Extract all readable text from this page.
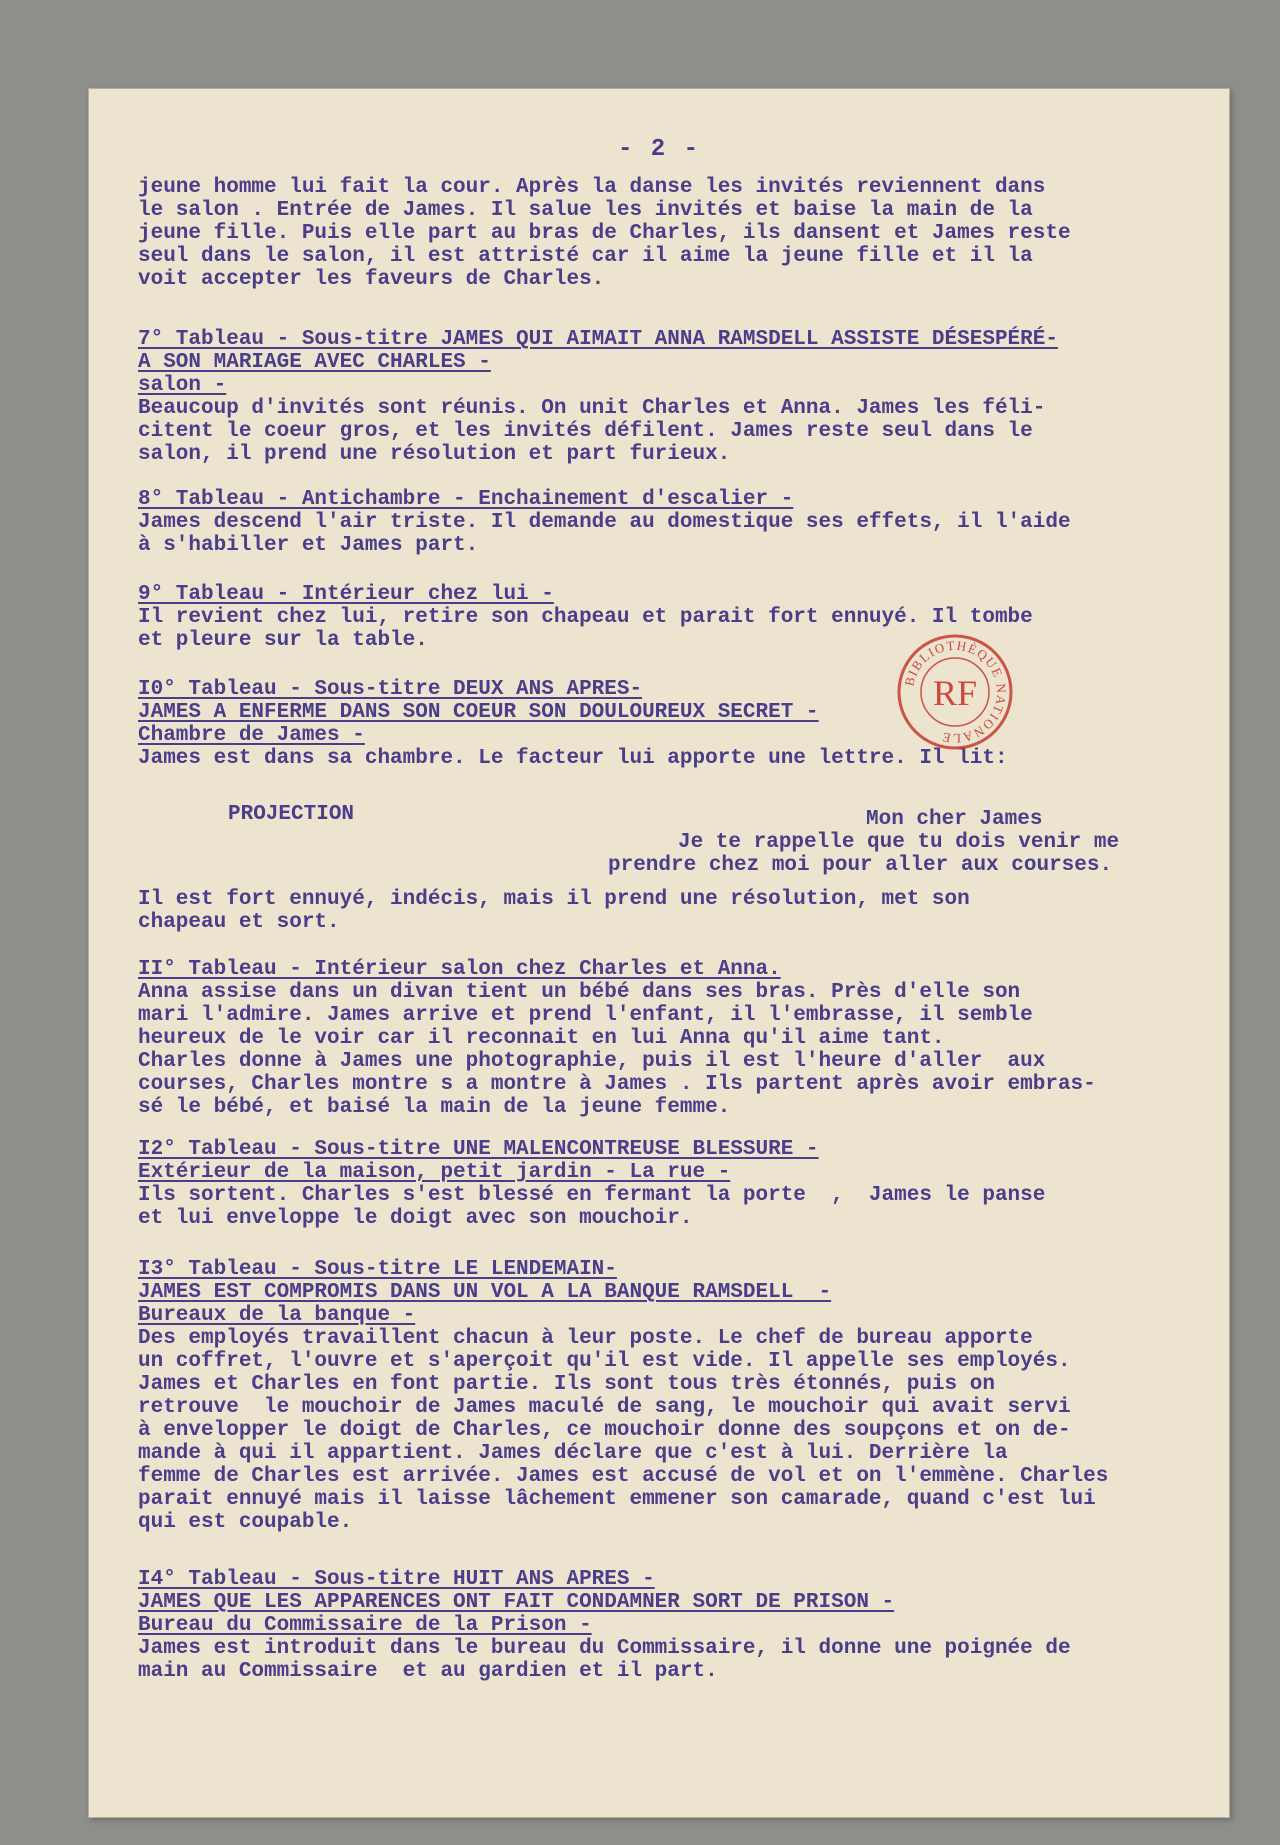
- 2 -
jeune homme lui fait la cour. Après la danse les invités reviennent dans
le salon . Entrée de James. Il salue les invités et baise la main de la
jeune fille. Puis elle part au bras de Charles, ils dansent et James reste
seul dans le salon, il est attristé car il aime la jeune fille et il la
voit accepter les faveurs de Charles.
7° Tableau - Sous-titre JAMES QUI AIMAIT ANNA RAMSDELL ASSISTE DÉSESPÉRÉ-
A SON MARIAGE AVEC CHARLES -
salon -
Beaucoup d'invités sont réunis. On unit Charles et Anna. James les féli-
citent le coeur gros, et les invités défilent. James reste seul dans le
salon, il prend une résolution et part furieux.
8° Tableau - Antichambre - Enchainement d'escalier -
James descend l'air triste. Il demande au domestique ses effets, il l'aide
à s'habiller et James part.
9° Tableau - Intérieur chez lui -
Il revient chez lui, retire son chapeau et parait fort ennuyé. Il tombe
et pleure sur la table.
I0° Tableau - Sous-titre DEUX ANS APRES-
JAMES A ENFERME DANS SON COEUR SON DOULOUREUX SECRET -
Chambre de James -
James est dans sa chambre. Le facteur lui apporte une lettre. Il lit:
PROJECTION	Mon cher James
Je te rappelle que tu dois venir me
prendre chez moi pour aller aux courses.
Il est fort ennuyé, indécis, mais il prend une résolution, met son
chapeau et sort.
II° Tableau - Intérieur salon chez Charles et Anna.
Anna assise dans un divan tient un bébé dans ses bras. Près d'elle son
mari l'admire. James arrive et prend l'enfant, il l'embrasse, il semble
heureux de le voir car il reconnait en lui Anna qu'il aime tant.
Charles donne à James une photographie, puis il est l'heure d'aller  aux
courses, Charles montre s a montre à James . Ils partent après avoir embras-
sé le bébé, et baisé la main de la jeune femme.
I2° Tableau - Sous-titre UNE MALENCONTREUSE BLESSURE -
Extérieur de la maison, petit jardin - La rue -
Ils sortent. Charles s'est blessé en fermant la porte  ,  James le panse
et lui enveloppe le doigt avec son mouchoir.
I3° Tableau - Sous-titre LE LENDEMAIN-
JAMES EST COMPROMIS DANS UN VOL A LA BANQUE RAMSDELL  -
Bureaux de la banque -
Des employés travaillent chacun à leur poste. Le chef de bureau apporte
un coffret, l'ouvre et s'aperçoit qu'il est vide. Il appelle ses employés.
James et Charles en font partie. Ils sont tous très étonnés, puis on
retrouve  le mouchoir de James maculé de sang, le mouchoir qui avait servi
à envelopper le doigt de Charles, ce mouchoir donne des soupçons et on de-
mande à qui il appartient. James déclare que c'est à lui. Derrière la
femme de Charles est arrivée. James est accusé de vol et on l'emmène. Charles
parait ennuyé mais il laisse lâchement emmener son camarade, quand c'est lui
qui est coupable.
I4° Tableau - Sous-titre HUIT ANS APRES -
JAMES QUE LES APPARENCES ONT FAIT CONDAMNER SORT DE PRISON -
Bureau du Commissaire de la Prison -
James est introduit dans le bureau du Commissaire, il donne une poignée de
main au Commissaire  et au gardien et il part.
BIBLIOTHÈQUE NATIONALE
RF
